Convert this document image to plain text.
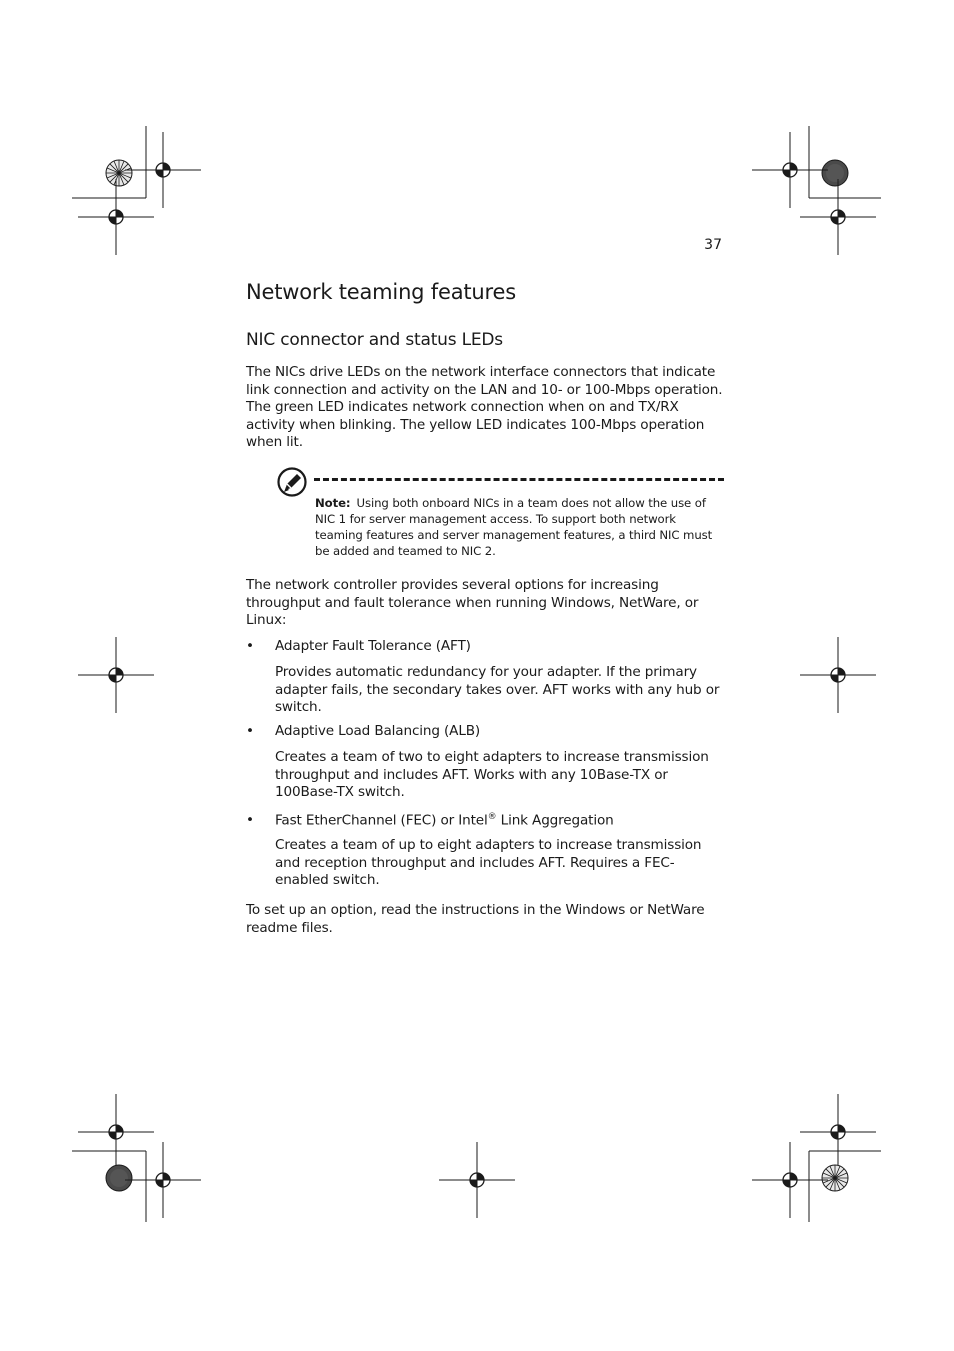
37
Network teaming features
NIC connector and status LEDs

The NICs drive LEDs on the network interface connectors that indicate link connection and activity on the LAN and 10- or 100-Mbps operation. The green LED indicates network connection when on and TX/RX activity when blinking. The yellow LED indicates 100-Mbps operation when lit.

Note: Using both onboard NICs in a team does not allow the use of NIC 1 for server management access. To support both network teaming features and server management features, a third NIC must be added and teamed to NIC 2.

The network controller provides several options for increasing throughput and fault tolerance when running Windows, NetWare, or Linux:

• Adapter Fault Tolerance (AFT)

Provides automatic redundancy for your adapter. If the primary adapter fails, the secondary takes over. AFT works with any hub or switch.

• Adaptive Load Balancing (ALB)

Creates a team of two to eight adapters to increase transmission throughput and includes AFT. Works with any 10Base-TX or 100Base-TX switch.

• Fast EtherChannel (FEC) or Intel® Link Aggregation

Creates a team of up to eight adapters to increase transmission and reception throughput and includes AFT. Requires a FEC-enabled switch.

To set up an option, read the instructions in the Windows or NetWare readme files.
